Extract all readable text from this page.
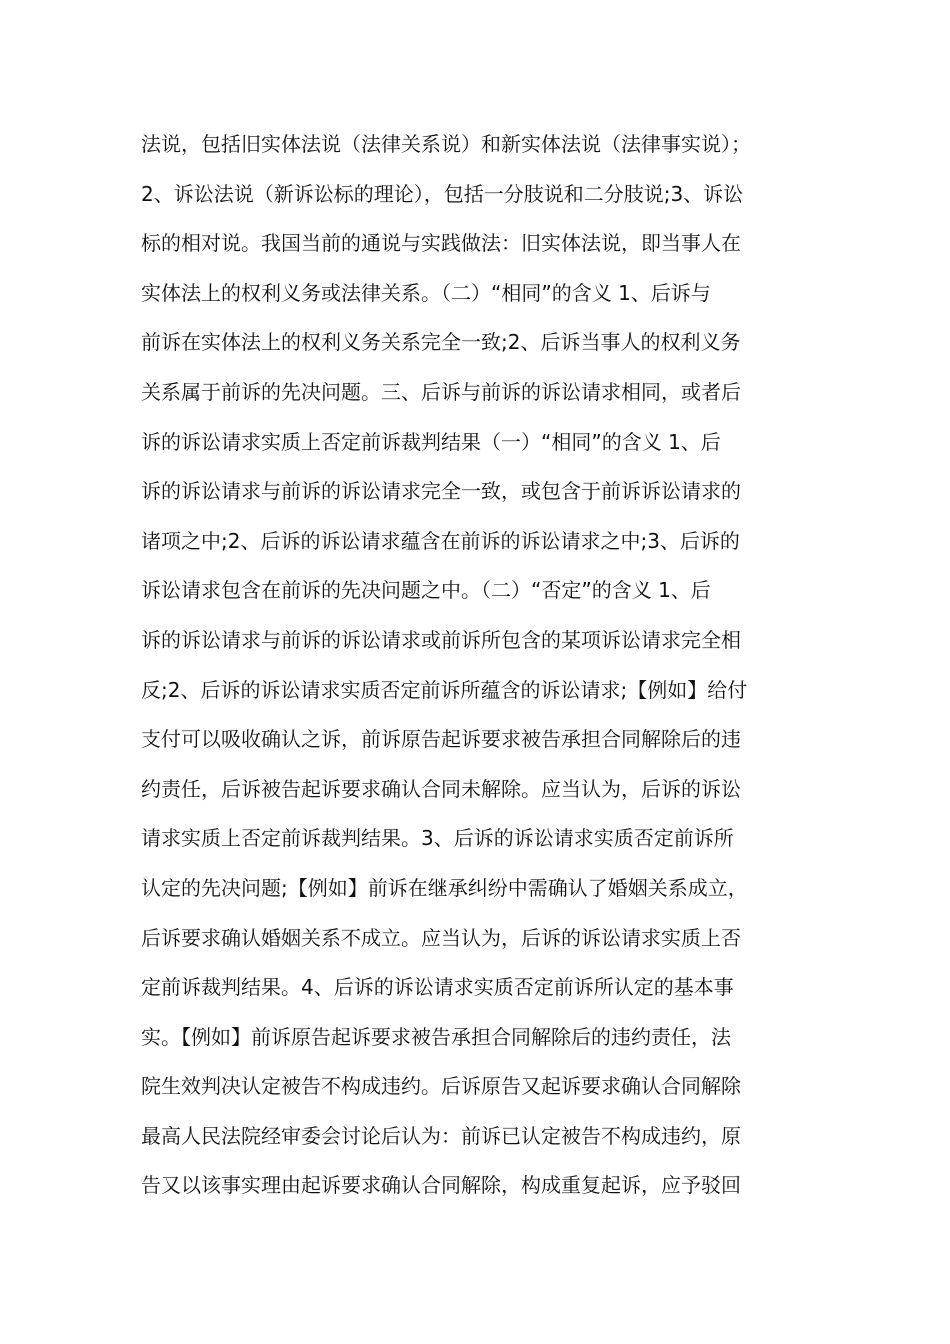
法说，包括旧实体法说（法律关系说）和新实体法说（法律事实说）；
2、诉讼法说（新诉讼标的理论），包括一分肢说和二分肢说;3、诉讼
标的相对说。我国当前的通说与实践做法：旧实体法说，即当事人在
实体法上的权利义务或法律关系。（二）“相同”的含义 1、后诉与
前诉在实体法上的权利义务关系完全一致;2、后诉当事人的权利义务
关系属于前诉的先决问题。三、后诉与前诉的诉讼请求相同，或者后
诉的诉讼请求实质上否定前诉裁判结果（一）“相同”的含义 1、后
诉的诉讼请求与前诉的诉讼请求完全一致，或包含于前诉诉讼请求的
诸项之中;2、后诉的诉讼请求蕴含在前诉的诉讼请求之中;3、后诉的
诉讼请求包含在前诉的先决问题之中。（二）“否定”的含义 1、后
诉的诉讼请求与前诉的诉讼请求或前诉所包含的某项诉讼请求完全相
反;2、后诉的诉讼请求实质否定前诉所蕴含的诉讼请求;【例如】给付
支付可以吸收确认之诉，前诉原告起诉要求被告承担合同解除后的违
约责任，后诉被告起诉要求确认合同未解除。应当认为，后诉的诉讼
请求实质上否定前诉裁判结果。3、后诉的诉讼请求实质否定前诉所
认定的先决问题;【例如】前诉在继承纠纷中需确认了婚姻关系成立，
后诉要求确认婚姻关系不成立。应当认为，后诉的诉讼请求实质上否
定前诉裁判结果。4、后诉的诉讼请求实质否定前诉所认定的基本事
实。【例如】前诉原告起诉要求被告承担合同解除后的违约责任，法
院生效判决认定被告不构成违约。后诉原告又起诉要求确认合同解除
最高人民法院经审委会讨论后认为：前诉已认定被告不构成违约，原
告又以该事实理由起诉要求确认合同解除，构成重复起诉，应予驳回
